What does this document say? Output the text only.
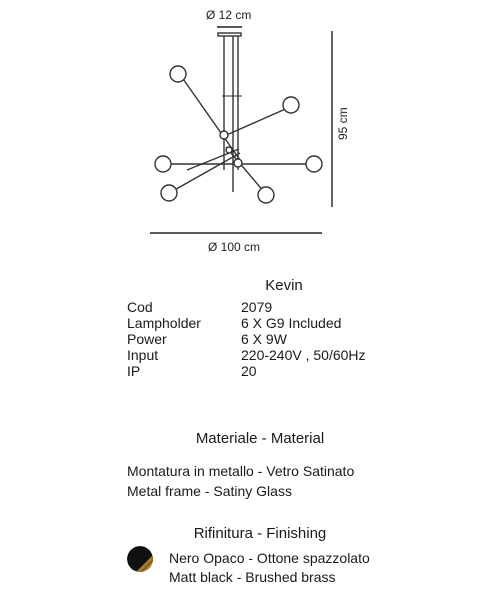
Ø 12 cm
95 cm
Ø 100 cm
Kevin
Cod	2079
Lampholder	6 X G9 Included
Power	6 X 9W
Input	220-240V , 50/60Hz
IP	20
Materiale - Material
Montatura in metallo - Vetro Satinato
Metal frame - Satiny Glass
Rifinitura - Finishing
Nero Opaco - Ottone spazzolato
Matt black - Brushed brass
